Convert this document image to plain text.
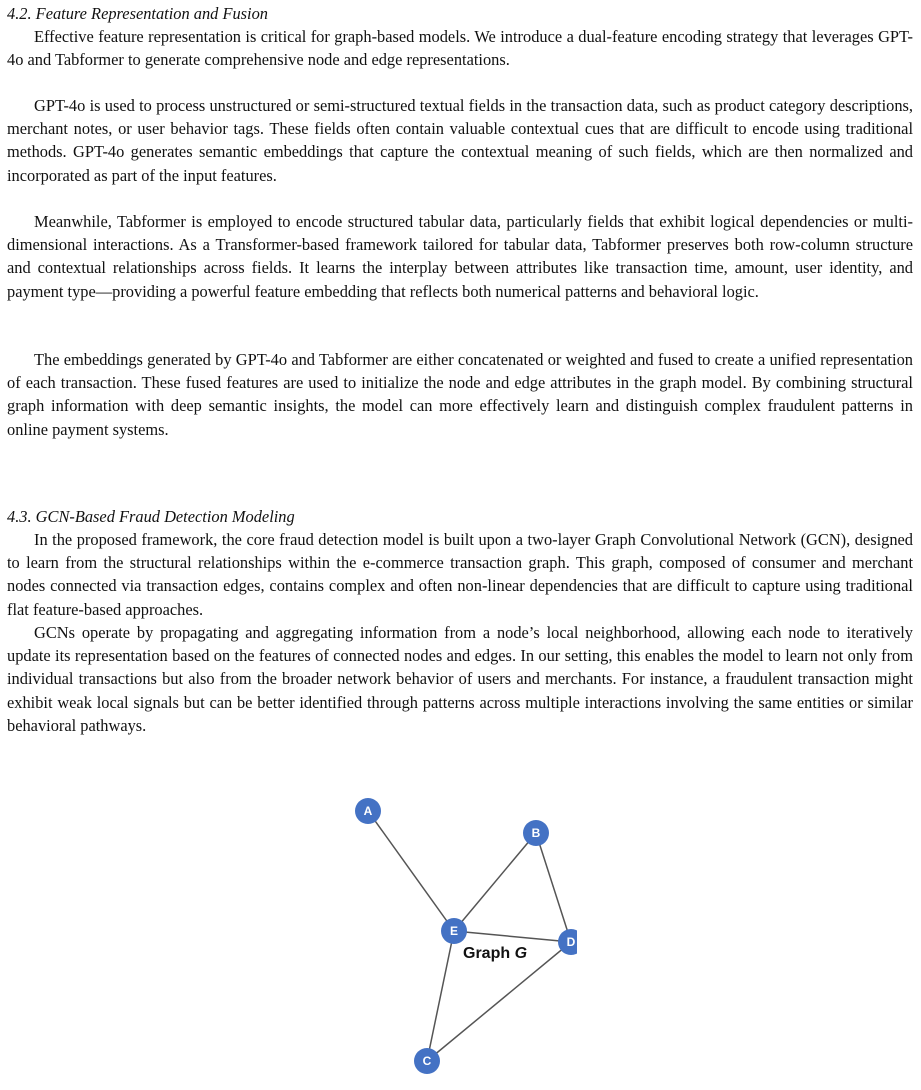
4.2. Feature Representation and Fusion

Effective feature representation is critical for graph-based models. We introduce a dual-feature encoding strategy that leverages GPT-4o and Tabformer to generate comprehensive node and edge representations.

GPT-4o is used to process unstructured or semi-structured textual fields in the transaction data, such as product category descriptions, merchant notes, or user behavior tags. These fields often contain valuable contextual cues that are difficult to encode using traditional methods. GPT-4o generates semantic embeddings that capture the contextual meaning of such fields, which are then normalized and incorporated as part of the input features.

Meanwhile, Tabformer is employed to encode structured tabular data, particularly fields that exhibit logical dependencies or multi-dimensional interactions. As a Transformer-based framework tailored for tabular data, Tabformer preserves both row-column structure and contextual relationships across fields. It learns the interplay between attributes like transaction time, amount, user identity, and payment type—providing a powerful feature embedding that reflects both numerical patterns and behavioral logic.

The embeddings generated by GPT-4o and Tabformer are either concatenated or weighted and fused to create a unified representation of each transaction. These fused features are used to initialize the node and edge attributes in the graph model. By combining structural graph information with deep semantic insights, the model can more effectively learn and distinguish complex fraudulent patterns in online payment systems.

4.3. GCN-Based Fraud Detection Modeling

In the proposed framework, the core fraud detection model is built upon a two-layer Graph Convolutional Network (GCN), designed to learn from the structural relationships within the e-commerce transaction graph. This graph, composed of consumer and merchant nodes connected via transaction edges, contains complex and often non-linear dependencies that are difficult to capture using traditional flat feature-based approaches.

GCNs operate by propagating and aggregating information from a node’s local neighborhood, allowing each node to iteratively update its representation based on the features of connected nodes and edges. In our setting, this enables the model to learn not only from individual transactions but also from the broader network behavior of users and merchants. For instance, a fraudulent transaction might exhibit weak local signals but can be better identified through patterns across multiple interactions involving the same entities or similar behavioral pathways.

A
B
E
D
C
Graph G
